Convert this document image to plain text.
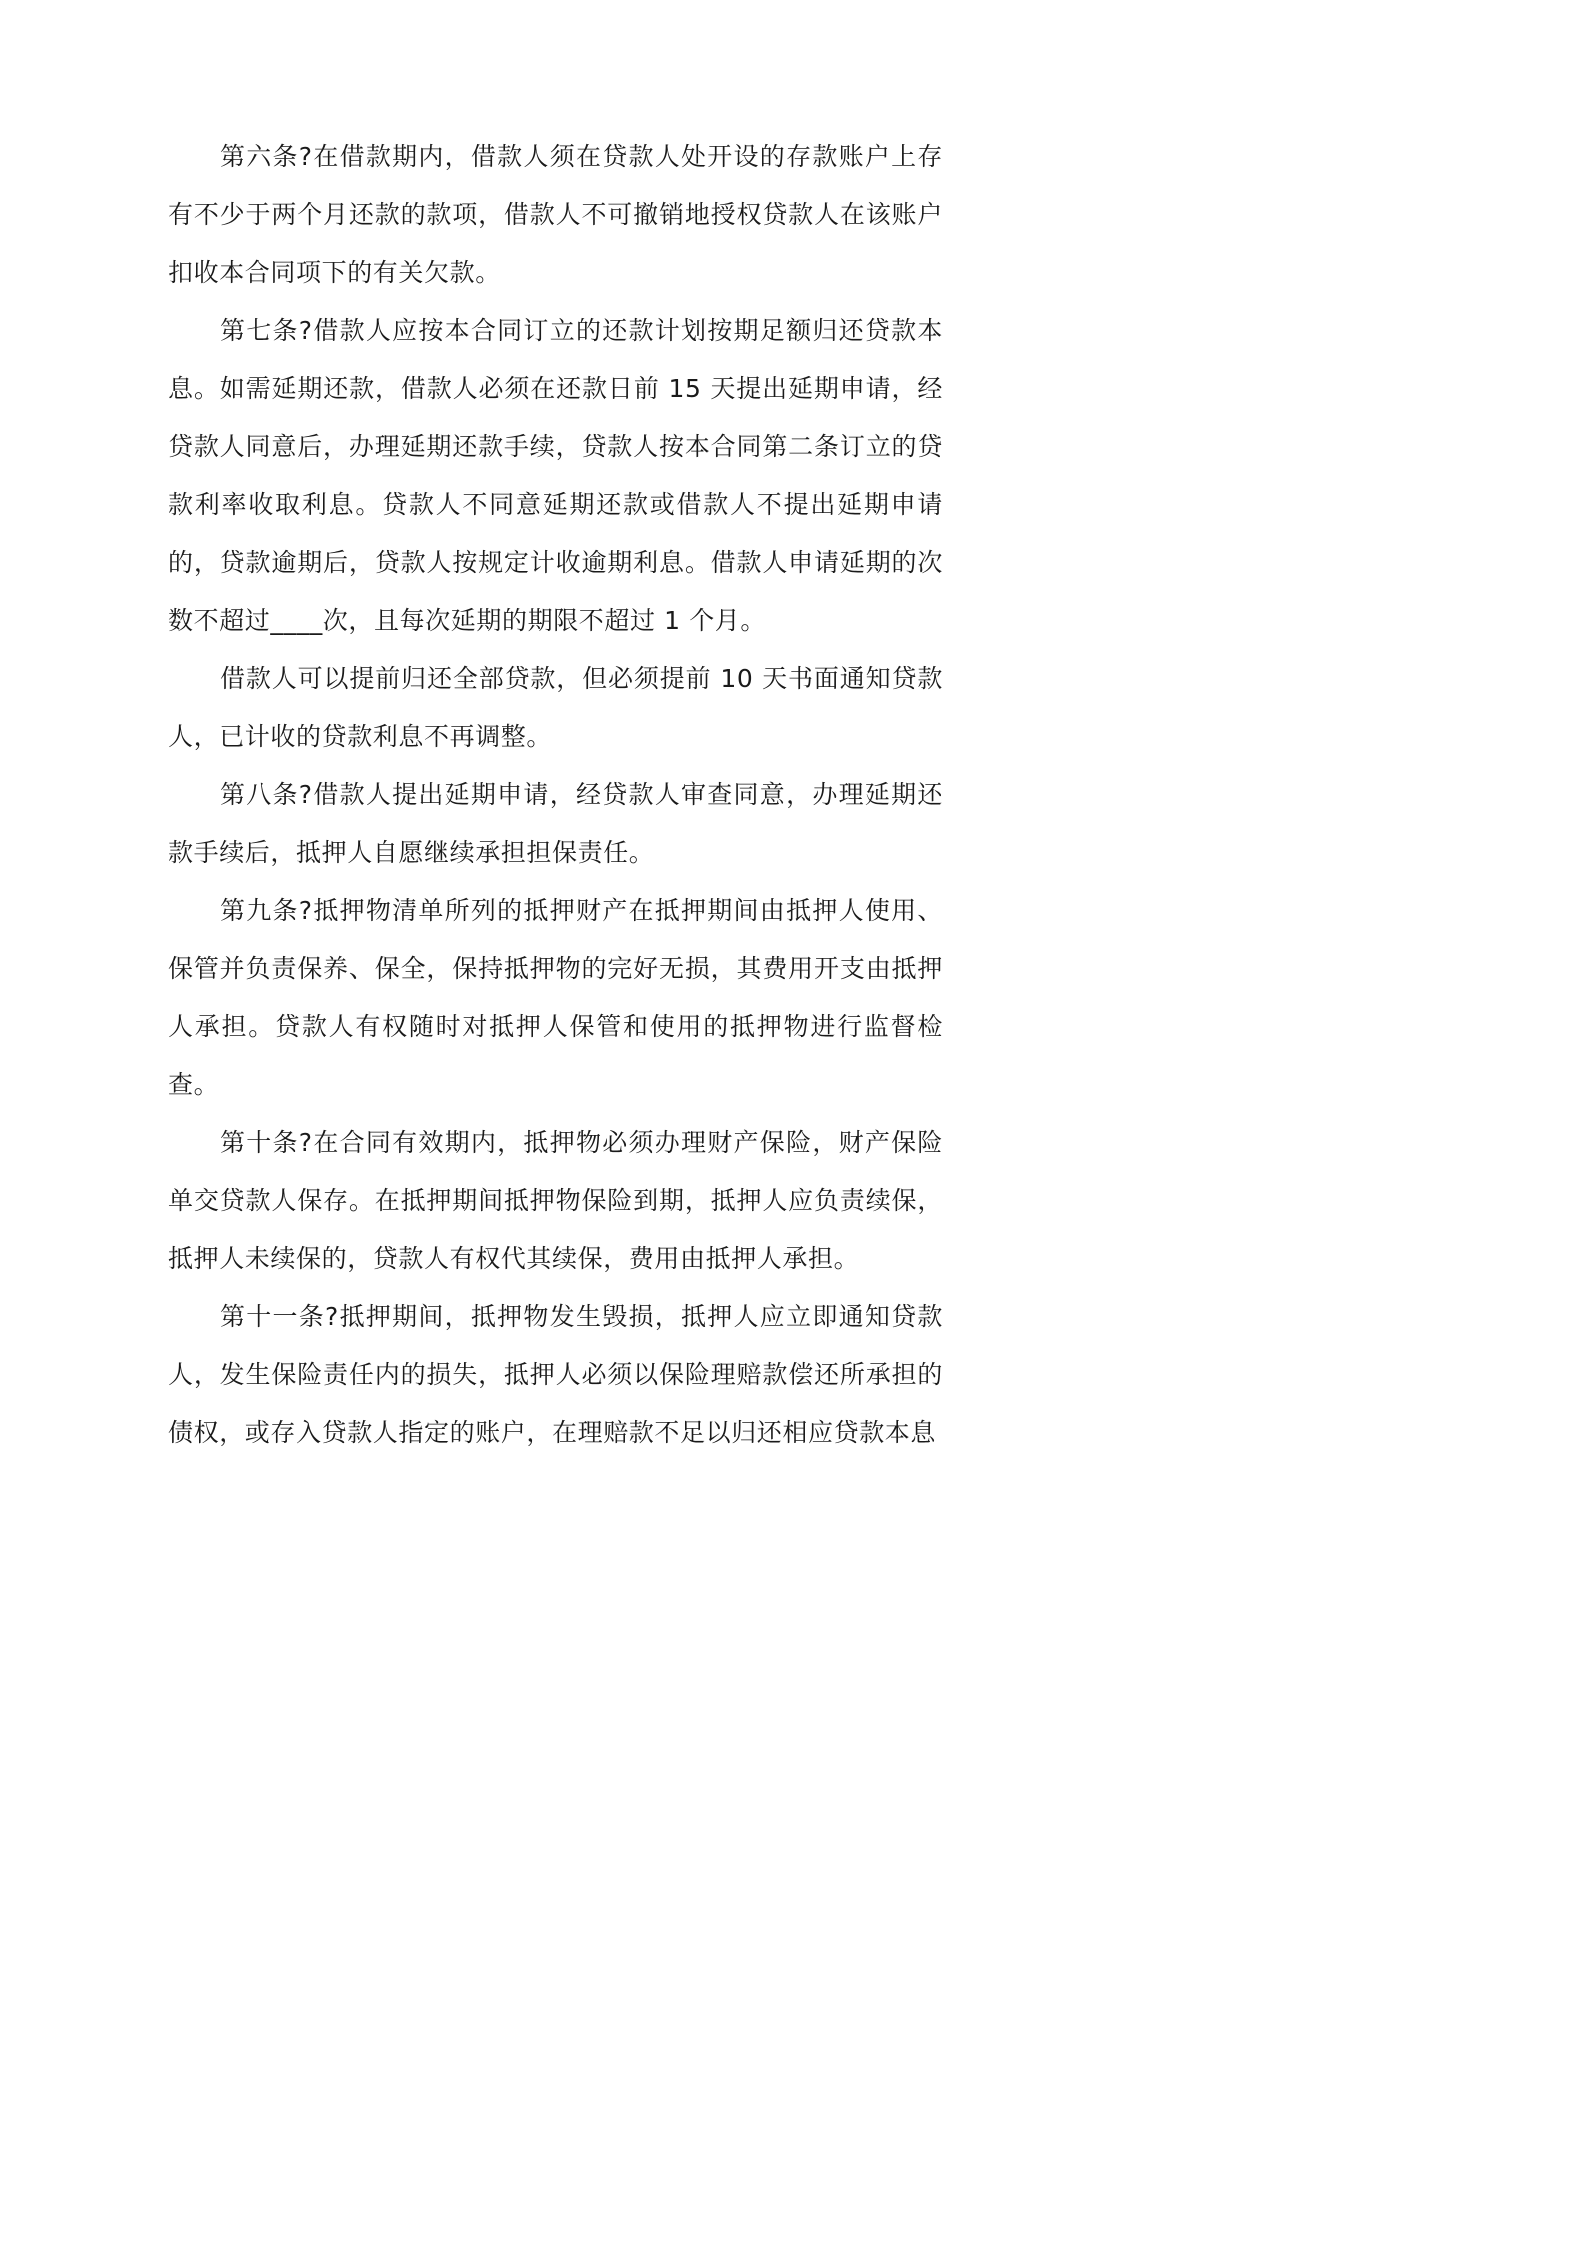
第六条?在借款期内，借款人须在贷款人处开设的存款账户上存有不少于两个月还款的款项，借款人不可撤销地授权贷款人在该账户扣收本合同项下的有关欠款。

第七条?借款人应按本合同订立的还款计划按期足额归还贷款本息。如需延期还款，借款人必须在还款日前 15 天提出延期申请，经贷款人同意后，办理延期还款手续，贷款人按本合同第二条订立的贷款利率收取利息。贷款人不同意延期还款或借款人不提出延期申请的，贷款逾期后，贷款人按规定计收逾期利息。借款人申请延期的次数不超过____次，且每次延期的期限不超过 1 个月。

借款人可以提前归还全部贷款，但必须提前 10 天书面通知贷款人，已计收的贷款利息不再调整。

第八条?借款人提出延期申请，经贷款人审查同意，办理延期还款手续后，抵押人自愿继续承担担保责任。

第九条?抵押物清单所列的抵押财产在抵押期间由抵押人使用、保管并负责保养、保全，保持抵押物的完好无损，其费用开支由抵押人承担。贷款人有权随时对抵押人保管和使用的抵押物进行监督检查。

第十条?在合同有效期内，抵押物必须办理财产保险，财产保险单交贷款人保存。在抵押期间抵押物保险到期，抵押人应负责续保，抵押人未续保的，贷款人有权代其续保，费用由抵押人承担。

第十一条?抵押期间，抵押物发生毁损，抵押人应立即通知贷款人，发生保险责任内的损失，抵押人必须以保险理赔款偿还所承担的债权，或存入贷款人指定的账户，在理赔款不足以归还相应贷款本息
